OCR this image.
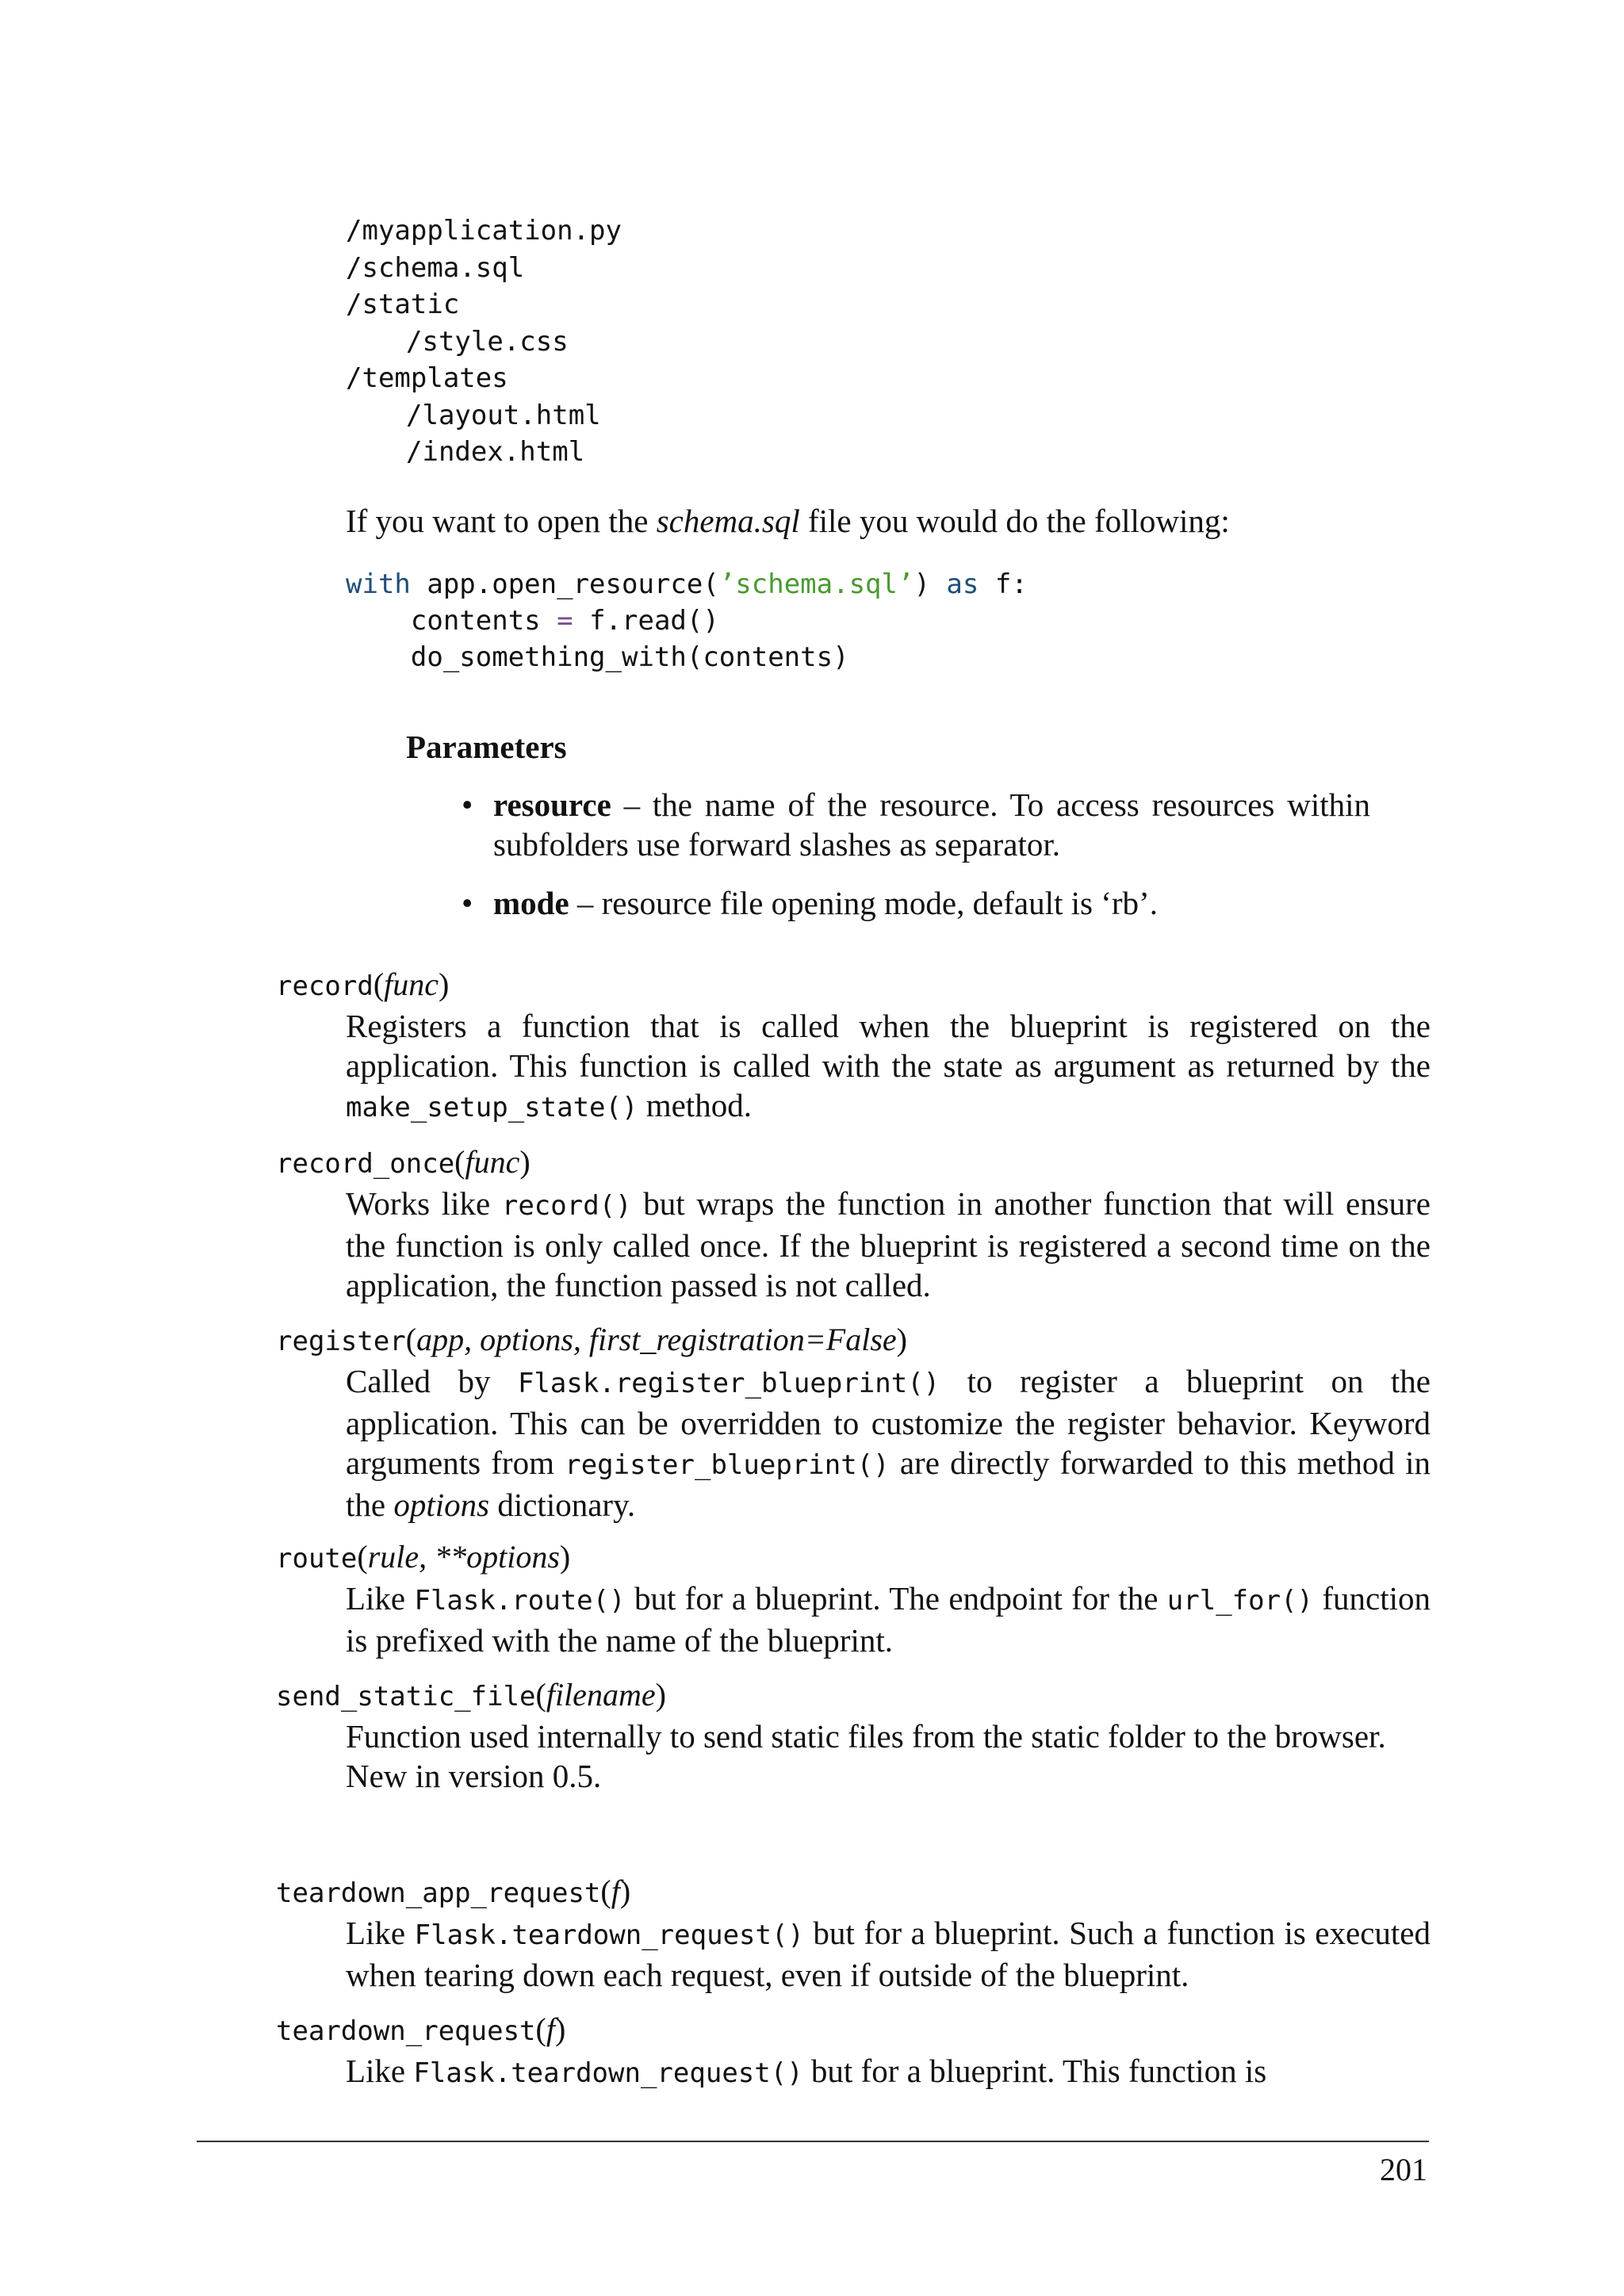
/myapplication.py
/schema.sql
/static
/style.css
/templates
/layout.html
/index.html
If you want to open the schema.sql file you would do the following:
with app.open_resource(’schema.sql’) as f:
contents = f.read()
do_something_with(contents)
Parameters
• resource – the name of the resource. To access resources within subfolders use forward slashes as separator.
• mode – resource file opening mode, default is ‘rb’.
record(func)
Registers a function that is called when the blueprint is registered on the application. This function is called with the state as argument as returned by the make_setup_state() method.
record_once(func)
Works like record() but wraps the function in another function that will ensure the function is only called once. If the blueprint is registered a second time on the application, the function passed is not called.
register(app, options, first_registration=False)
Called by Flask.register_blueprint() to register a blueprint on the application. This can be overridden to customize the register behavior. Keyword arguments from register_blueprint() are directly forwarded to this method in the options dictionary.
route(rule, **options)
Like Flask.route() but for a blueprint. The endpoint for the url_for() function is prefixed with the name of the blueprint.
send_static_file(filename)
Function used internally to send static files from the static folder to the browser.
New in version 0.5.
teardown_app_request(f)
Like Flask.teardown_request() but for a blueprint. Such a function is executed when tearing down each request, even if outside of the blueprint.
teardown_request(f)
Like Flask.teardown_request() but for a blueprint. This function is
201
